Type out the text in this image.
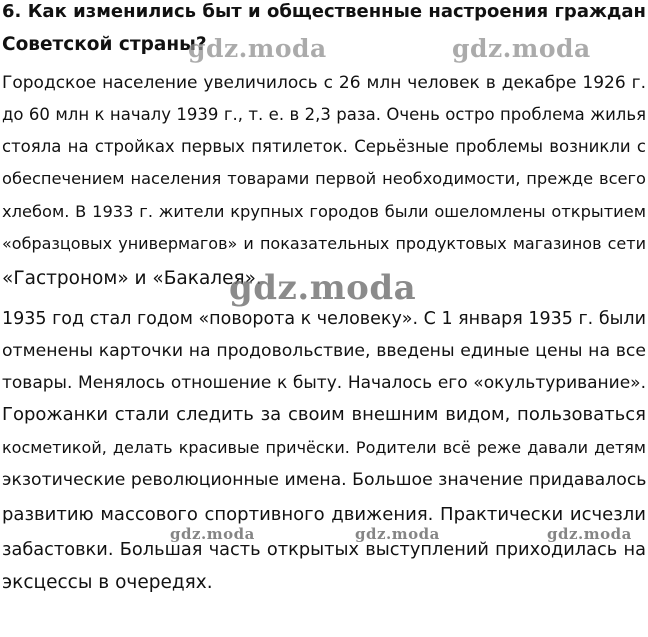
6. Как изменились быт и общественные настроения граждан
Советской страны?
Городское население увеличилось с 26 млн человек в декабре 1926 г.
до 60 млн к началу 1939 г., т. е. в 2,3 раза. Очень остро проблема жилья
стояла на стройках первых пятилеток. Серьёзные проблемы возникли с
обеспечением населения товарами первой необходимости, прежде всего
хлебом. В 1933 г. жители крупных городов были ошеломлены открытием
«образцовых универмагов» и показательных продуктовых магазинов сети
«Гастроном» и «Бакалея».
1935 год стал годом «поворота к человеку». С 1 января 1935 г. были
отменены карточки на продовольствие, введены единые цены на все
товары. Менялось отношение к быту. Началось его «окультуривание».
Горожанки стали следить за своим внешним видом, пользоваться
косметикой, делать красивые причёски. Родители всё реже давали детям
экзотические революционные имена. Большое значение придавалось
развитию массового спортивного движения. Практически исчезли
забастовки. Большая часть открытых выступлений приходилась на
эксцессы в очередях.
gdz.moda	gdz.moda
gdz.moda
gdz.moda	gdz.moda	gdz.moda
